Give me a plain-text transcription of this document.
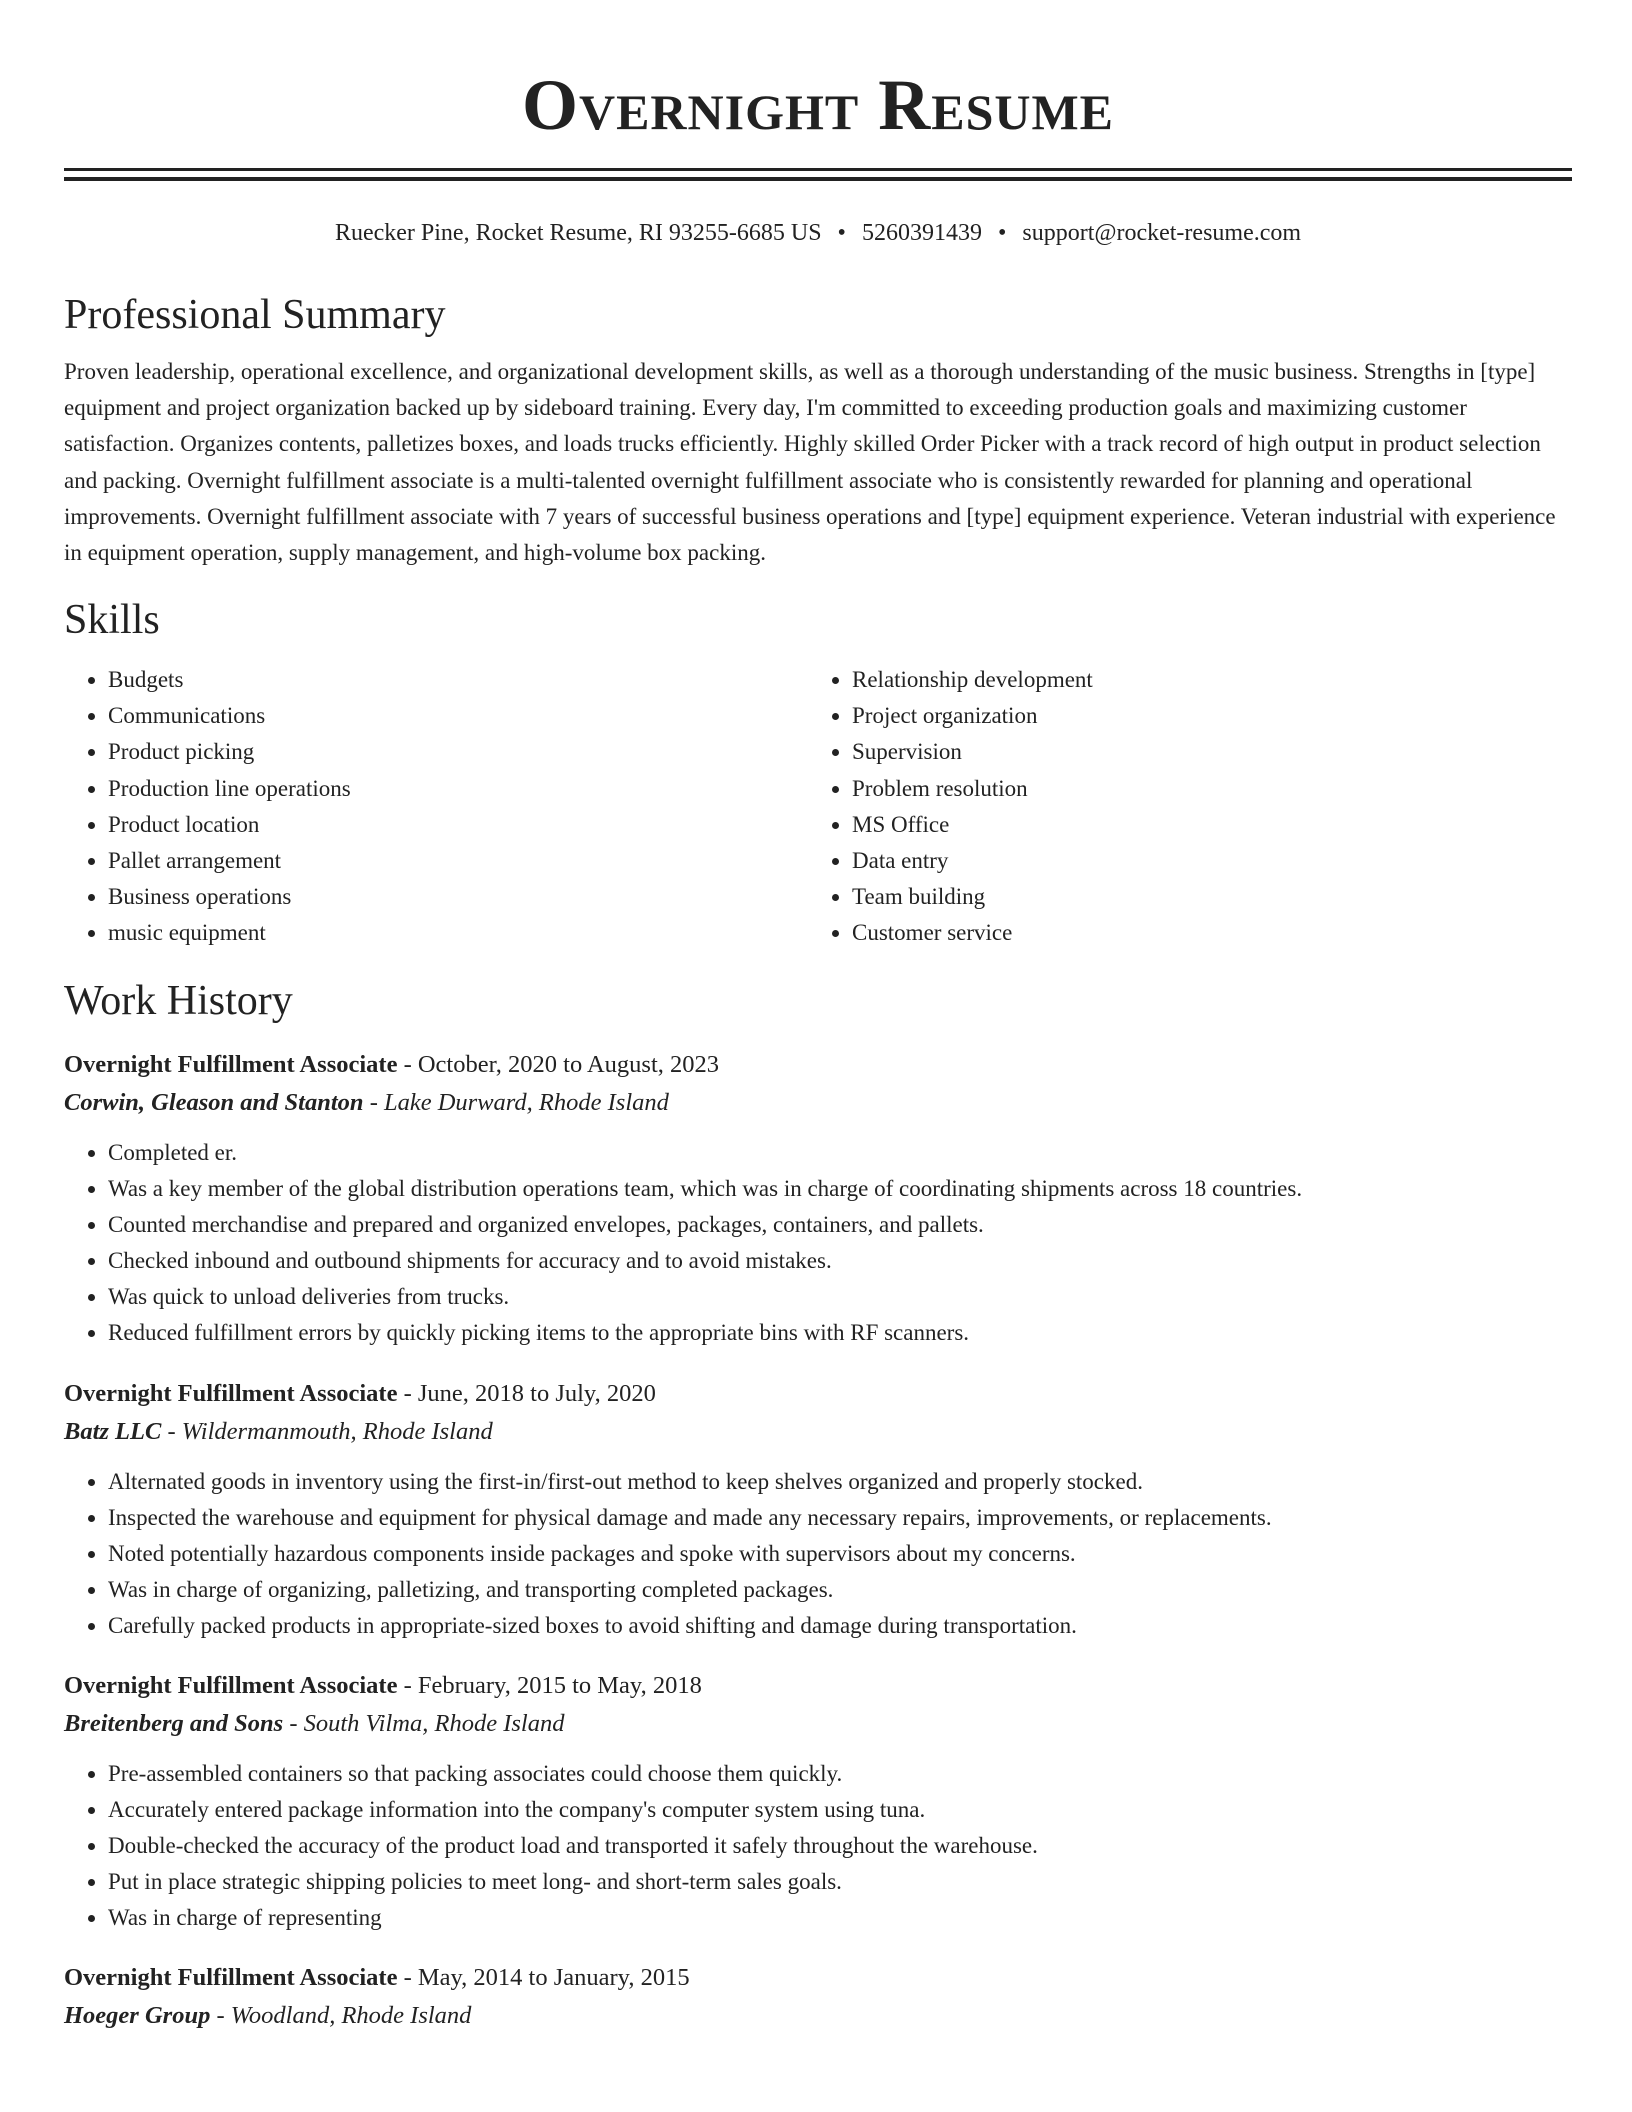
Overnight Resume
Ruecker Pine, Rocket Resume, RI 93255-6685 US • 5260391439 • support@rocket-resume.com
Professional Summary
Proven leadership, operational excellence, and organizational development skills, as well as a thorough understanding of the music business. Strengths in [type] equipment and project organization backed up by sideboard training. Every day, I'm committed to exceeding production goals and maximizing customer satisfaction. Organizes contents, palletizes boxes, and loads trucks efficiently. Highly skilled Order Picker with a track record of high output in product selection and packing. Overnight fulfillment associate is a multi-talented overnight fulfillment associate who is consistently rewarded for planning and operational improvements. Overnight fulfillment associate with 7 years of successful business operations and [type] equipment experience. Veteran industrial with experience in equipment operation, supply management, and high-volume box packing.
Skills
• Budgets
• Communications
• Product picking
• Production line operations
• Product location
• Pallet arrangement
• Business operations
• music equipment
• Relationship development
• Project organization
• Supervision
• Problem resolution
• MS Office
• Data entry
• Team building
• Customer service
Work History
Overnight Fulfillment Associate - October, 2020 to August, 2023
Corwin, Gleason and Stanton - Lake Durward, Rhode Island
• Completed er.
• Was a key member of the global distribution operations team, which was in charge of coordinating shipments across 18 countries.
• Counted merchandise and prepared and organized envelopes, packages, containers, and pallets.
• Checked inbound and outbound shipments for accuracy and to avoid mistakes.
• Was quick to unload deliveries from trucks.
• Reduced fulfillment errors by quickly picking items to the appropriate bins with RF scanners.
Overnight Fulfillment Associate - June, 2018 to July, 2020
Batz LLC - Wildermanmouth, Rhode Island
• Alternated goods in inventory using the first-in/first-out method to keep shelves organized and properly stocked.
• Inspected the warehouse and equipment for physical damage and made any necessary repairs, improvements, or replacements.
• Noted potentially hazardous components inside packages and spoke with supervisors about my concerns.
• Was in charge of organizing, palletizing, and transporting completed packages.
• Carefully packed products in appropriate-sized boxes to avoid shifting and damage during transportation.
Overnight Fulfillment Associate - February, 2015 to May, 2018
Breitenberg and Sons - South Vilma, Rhode Island
• Pre-assembled containers so that packing associates could choose them quickly.
• Accurately entered package information into the company's computer system using tuna.
• Double-checked the accuracy of the product load and transported it safely throughout the warehouse.
• Put in place strategic shipping policies to meet long- and short-term sales goals.
• Was in charge of representing
Overnight Fulfillment Associate - May, 2014 to January, 2015
Hoeger Group - Woodland, Rhode Island
